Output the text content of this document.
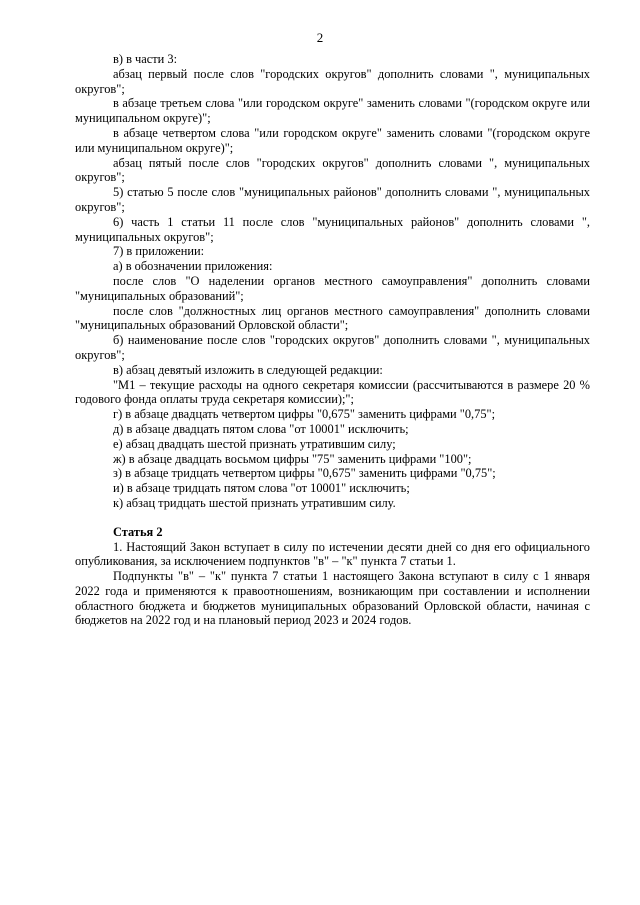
2

в) в части 3:

абзац первый после слов "городских округов" дополнить словами ", муниципальных округов";

в абзаце третьем слова "или городском округе" заменить словами "(городском округе или муниципальном округе)";

в абзаце четвертом слова "или городском округе" заменить словами "(городском округе или муниципальном округе)";

абзац пятый после слов "городских округов" дополнить словами ", муниципальных округов";

5) статью 5 после слов "муниципальных районов" дополнить словами ", муниципальных округов";

6) часть 1 статьи 11 после слов "муниципальных районов" дополнить словами ", муниципальных округов";

7) в приложении:

а) в обозначении приложения:

после слов "О наделении органов местного самоуправления" дополнить словами "муниципальных образований";

после слов "должностных лиц органов местного самоуправления" дополнить словами "муниципальных образований Орловской области";

б) наименование после слов "городских округов" дополнить словами ", муниципальных округов";

в) абзац девятый изложить в следующей редакции:

"M1 – текущие расходы на одного секретаря комиссии (рассчитываются в размере 20 % годового фонда оплаты труда секретаря комиссии);";

г) в абзаце двадцать четвертом цифры "0,675" заменить цифрами "0,75";

д) в абзаце двадцать пятом слова "от 10001" исключить;

е) абзац двадцать шестой признать утратившим силу;

ж) в абзаце двадцать восьмом цифры "75" заменить цифрами "100";

з) в абзаце тридцать четвертом цифры "0,675" заменить цифрами "0,75";

и) в абзаце тридцать пятом слова "от 10001" исключить;

к) абзац тридцать шестой признать утратившим силу.

Статья 2

1. Настоящий Закон вступает в силу по истечении десяти дней со дня его официального опубликования, за исключением подпунктов "в" – "к" пункта 7 статьи 1.

Подпункты "в" – "к" пункта 7 статьи 1 настоящего Закона вступают в силу с 1 января 2022 года и применяются к правоотношениям, возникающим при составлении и исполнении областного бюджета и бюджетов муниципальных образований Орловской области, начиная с бюджетов на 2022 год и на плановый период 2023 и 2024 годов.
